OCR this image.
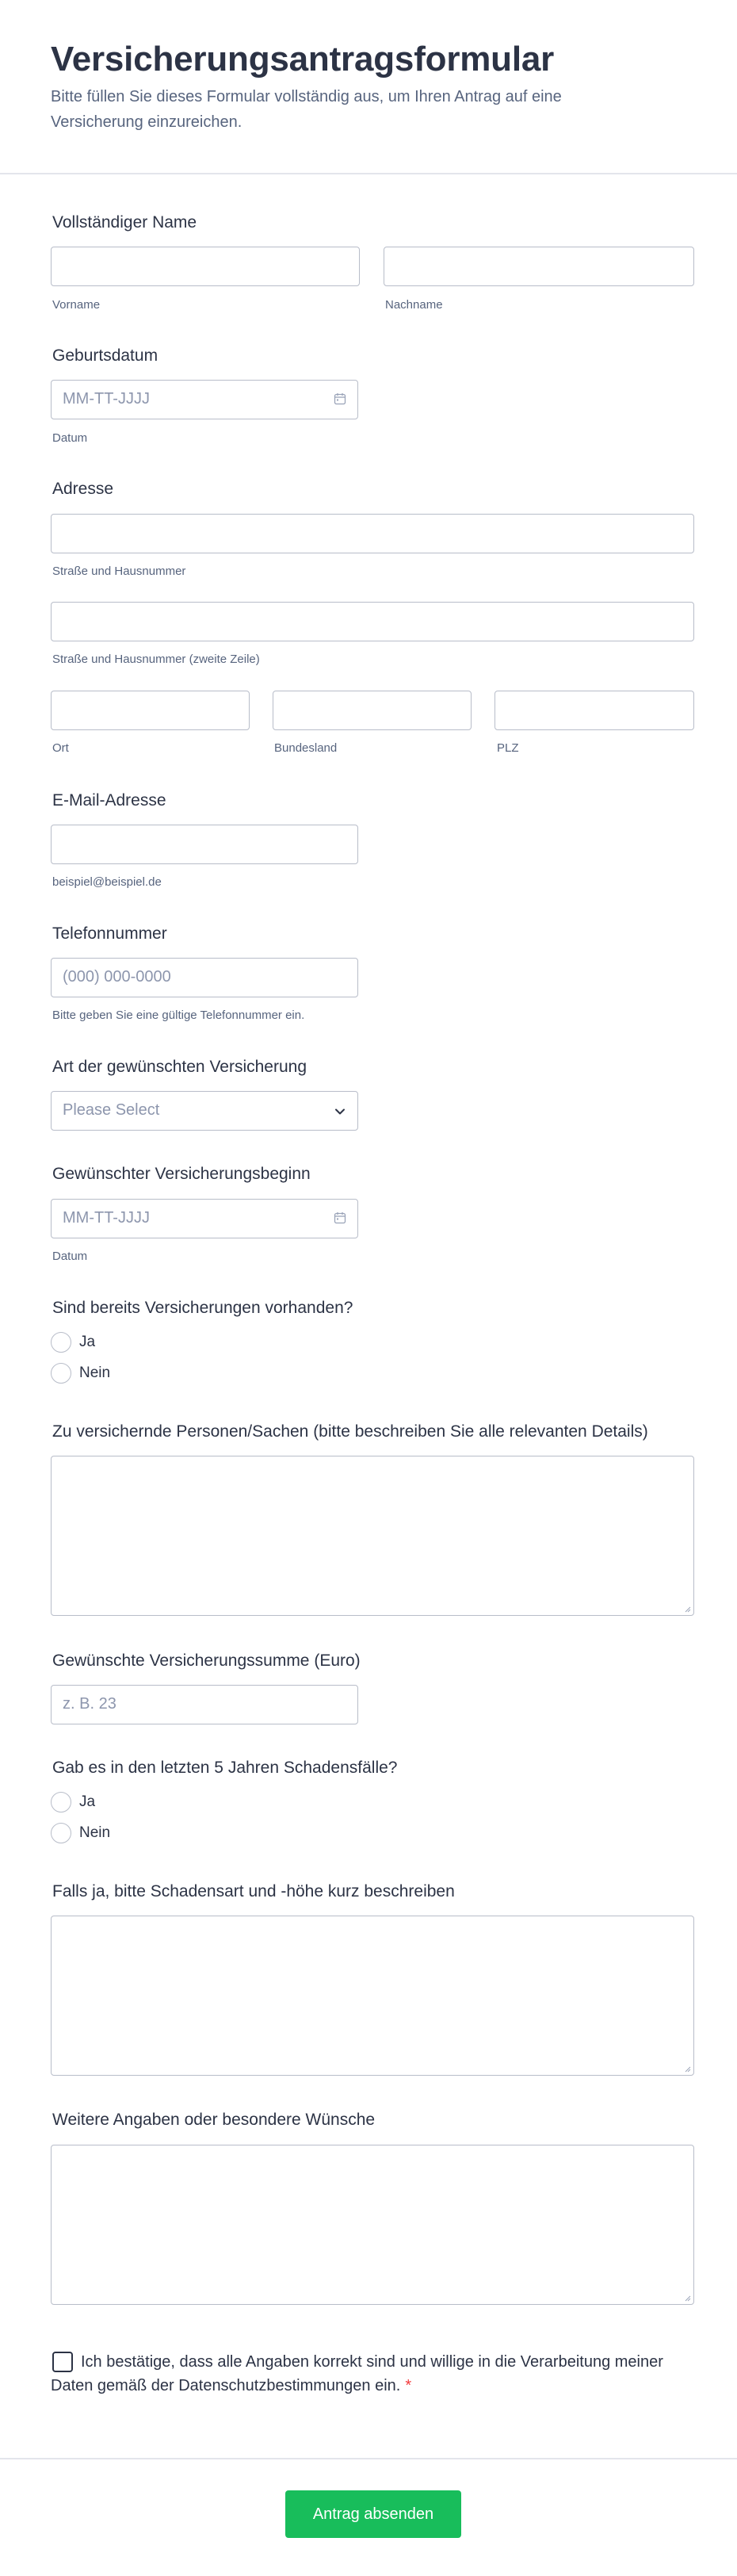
Versicherungsantragsformular

Bitte füllen Sie dieses Formular vollständig aus, um Ihren Antrag auf eine Versicherung einzureichen.

Vollständiger Name
Vorname	Nachname
Geburtsdatum
MM-TT-JJJJ
Datum
Adresse
Straße und Hausnummer
Straße und Hausnummer (zweite Zeile)
Ort	Bundesland	PLZ
E-Mail-Adresse
beispiel@beispiel.de
Telefonnummer
(000) 000-0000
Bitte geben Sie eine gültige Telefonnummer ein.
Art der gewünschten Versicherung
Please Select
Gewünschter Versicherungsbeginn
MM-TT-JJJJ
Datum
Sind bereits Versicherungen vorhanden?
Ja
Nein
Zu versichernde Personen/Sachen (bitte beschreiben Sie alle relevanten Details)
Gewünschte Versicherungssumme (Euro)
z. B. 23
Gab es in den letzten 5 Jahren Schadensfälle?
Ja
Nein
Falls ja, bitte Schadensart und -höhe kurz beschreiben
Weitere Angaben oder besondere Wünsche

Ich bestätige, dass alle Angaben korrekt sind und willige in die Verarbeitung meiner Daten gemäß der Datenschutzbestimmungen ein. *

Antrag absenden
